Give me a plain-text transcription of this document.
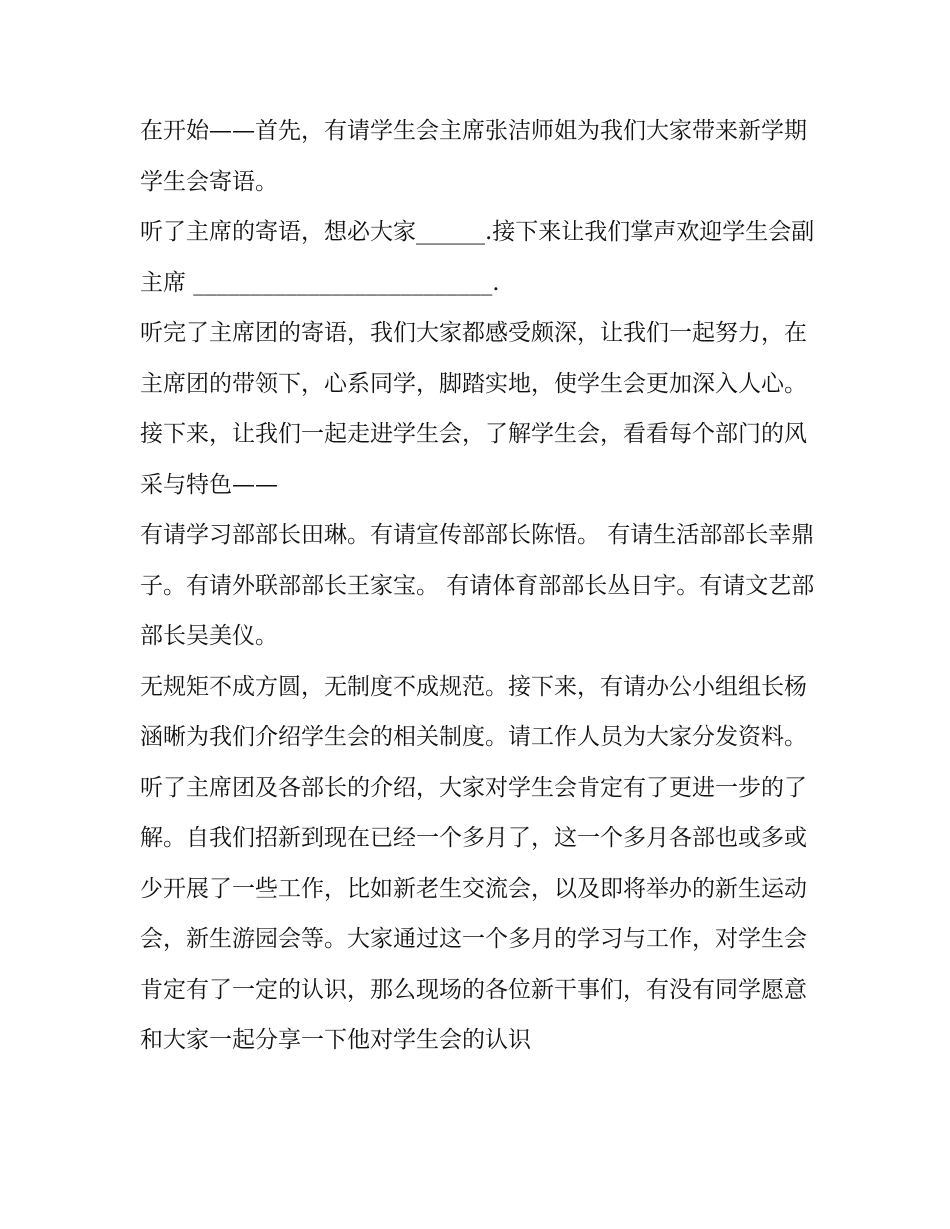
在开始——首先，有请学生会主席张洁师姐为我们大家带来新学期学生会寄语。

听了主席的寄语，想必大家______.接下来让我们掌声欢迎学生会副主席 __________________________.

听完了主席团的寄语，我们大家都感受颇深，让我们一起努力，在主席团的带领下，心系同学，脚踏实地，使学生会更加深入人心。接下来，让我们一起走进学生会，了解学生会，看看每个部门的风采与特色——

有请学习部部长田琳。有请宣传部部长陈悟。 有请生活部部长幸鼎子。有请外联部部长王家宝。 有请体育部部长丛日宇。有请文艺部部长吴美仪。

无规矩不成方圆，无制度不成规范。接下来，有请办公小组组长杨涵晰为我们介绍学生会的相关制度。请工作人员为大家分发资料。

听了主席团及各部长的介绍，大家对学生会肯定有了更进一步的了解。自我们招新到现在已经一个多月了，这一个多月各部也或多或少开展了一些工作，比如新老生交流会，以及即将举办的新生运动会，新生游园会等。大家通过这一个多月的学习与工作，对学生会肯定有了一定的认识，那么现场的各位新干事们，有没有同学愿意和大家一起分享一下他对学生会的认识
